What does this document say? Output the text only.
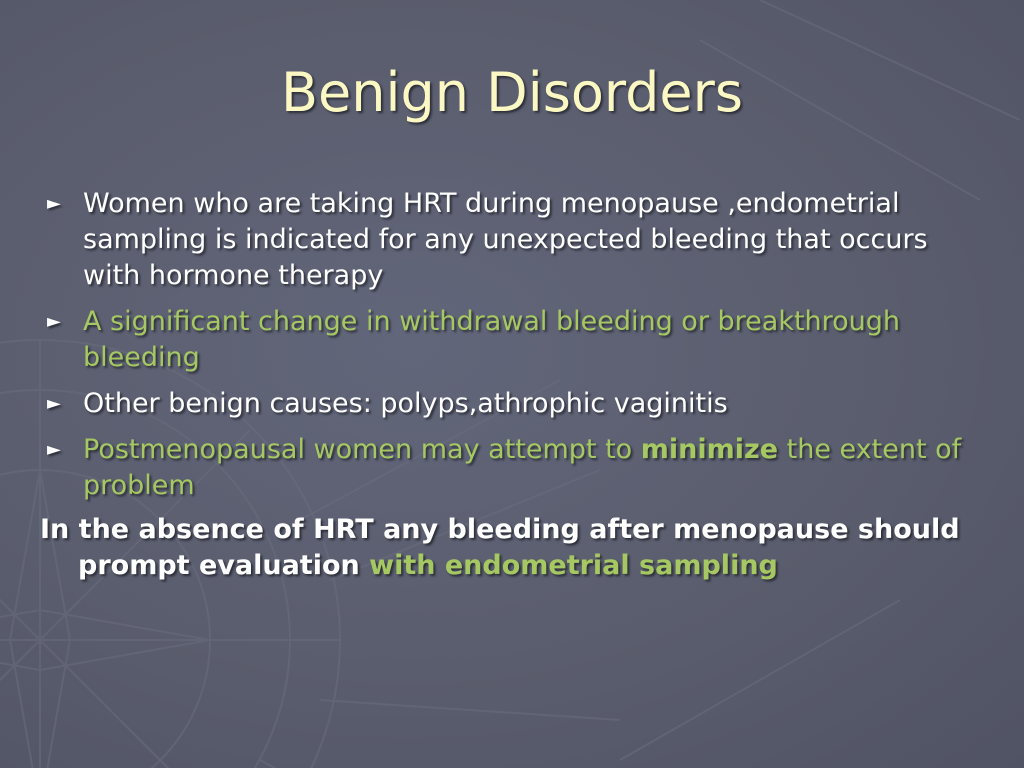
Benign Disorders
► Women who are taking HRT during menopause ,endometrial sampling is indicated for any unexpected bleeding that occurs with hormone therapy
► A significant change in withdrawal bleeding or breakthrough bleeding
► Other benign causes: polyps,athrophic vaginitis
► Postmenopausal women may attempt to minimize the extent of problem
In the absence of HRT any bleeding after menopause should prompt evaluation with endometrial sampling
